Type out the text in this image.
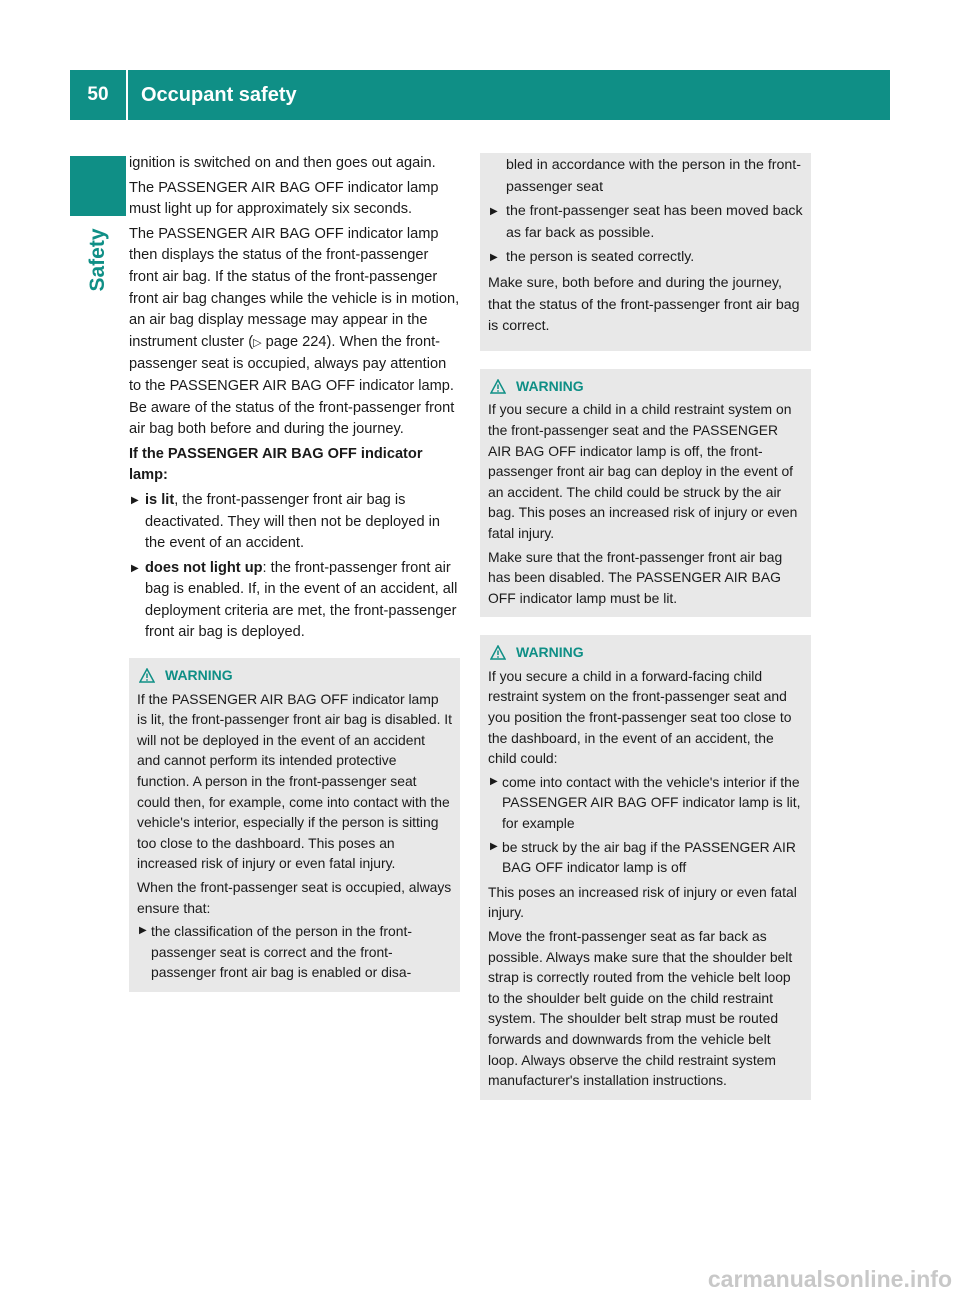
50	Occupant safety
Safety

ignition is switched on and then goes out again.

The PASSENGER AIR BAG OFF indicator lamp must light up for approximately six seconds.

The PASSENGER AIR BAG OFF indicator lamp then displays the status of the front-passenger front air bag. If the status of the front-passenger front air bag changes while the vehicle is in motion, an air bag display message may appear in the instrument cluster (▷ page 224). When the front-passenger seat is occupied, always pay attention to the PASSENGER AIR BAG OFF indicator lamp. Be aware of the status of the front-passenger front air bag both before and during the journey.

If the PASSENGER AIR BAG OFF indicator lamp:

▶ is lit, the front-passenger front air bag is deactivated. They will then not be deployed in the event of an accident.
▶ does not light up: the front-passenger front air bag is enabled. If, in the event of an accident, all deployment criteria are met, the front-passenger front air bag is deployed.
WARNING

If the PASSENGER AIR BAG OFF indicator lamp is lit, the front-passenger front air bag is disabled. It will not be deployed in the event of an accident and cannot perform its intended protective function. A person in the front-passenger seat could then, for example, come into contact with the vehicle's interior, especially if the person is sitting too close to the dashboard. This poses an increased risk of injury or even fatal injury.

When the front-passenger seat is occupied, always ensure that:

▶ the classification of the person in the front-passenger seat is correct and the front-passenger front air bag is enabled or disa-
bled in accordance with the person in the front-passenger seat
▶ the front-passenger seat has been moved back as far back as possible.
▶ the person is seated correctly.

Make sure, both before and during the journey, that the status of the front-passenger front air bag is correct.

WARNING

If you secure a child in a child restraint system on the front-passenger seat and the PASSENGER AIR BAG OFF indicator lamp is off, the front-passenger front air bag can deploy in the event of an accident. The child could be struck by the air bag. This poses an increased risk of injury or even fatal injury.

Make sure that the front-passenger front air bag has been disabled. The PASSENGER AIR BAG OFF indicator lamp must be lit.

WARNING

If you secure a child in a forward-facing child restraint system on the front-passenger seat and you position the front-passenger seat too close to the dashboard, in the event of an accident, the child could:

▶ come into contact with the vehicle's interior if the PASSENGER AIR BAG OFF indicator lamp is lit, for example
▶ be struck by the air bag if the PASSENGER AIR BAG OFF indicator lamp is off

This poses an increased risk of injury or even fatal injury.

Move the front-passenger seat as far back as possible. Always make sure that the shoulder belt strap is correctly routed from the vehicle belt loop to the shoulder belt guide on the child restraint system. The shoulder belt strap must be routed forwards and downwards from the vehicle belt loop. Always observe the child restraint system manufacturer's installation instructions.

carmanualsonline.info
